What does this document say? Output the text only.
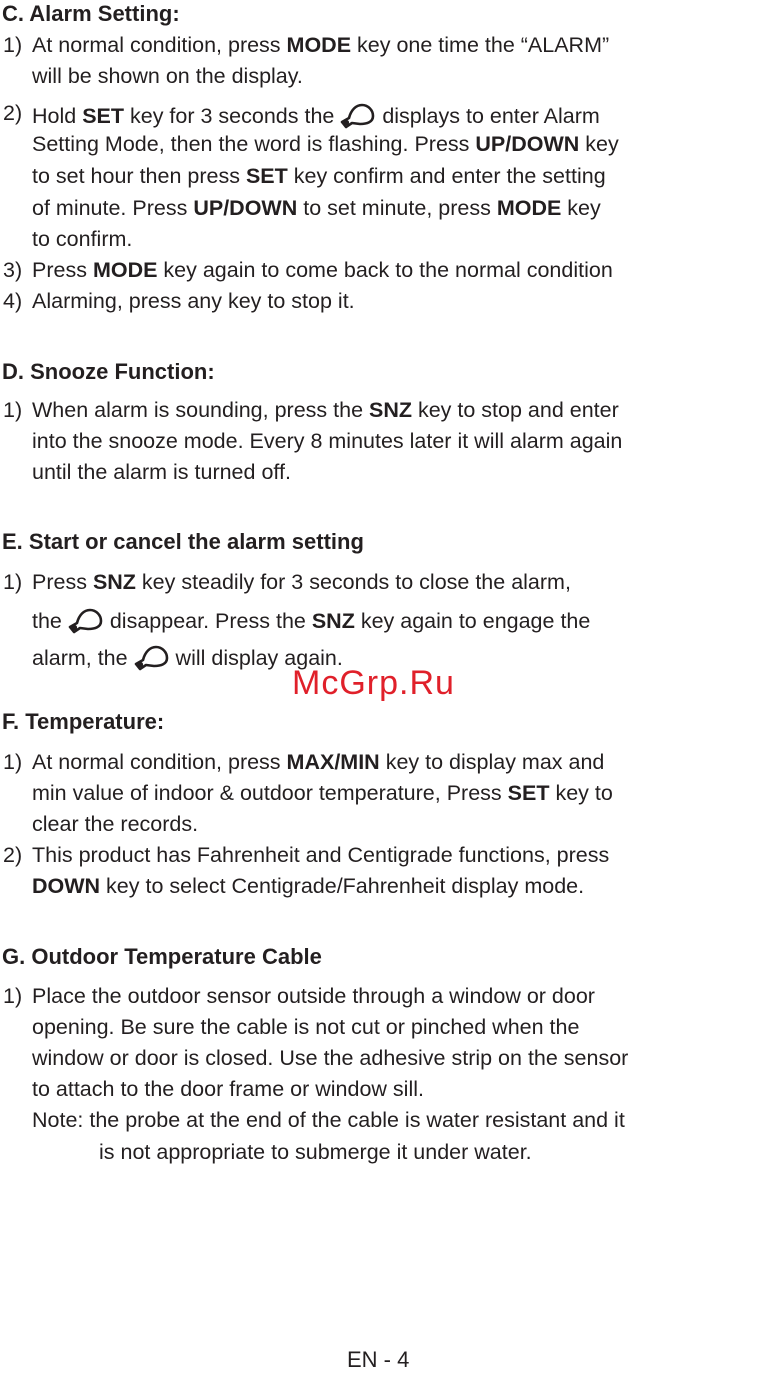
C. Alarm Setting:
1) At normal condition, press MODE key one time the “ALARM”
will be shown on the display.
2) Hold SET key for 3 seconds the
displays to enter Alarm
Setting Mode, then the word is flashing. Press UP/DOWN key
to set hour then press SET key confirm and enter the setting
of minute. Press UP/DOWN to set minute, press MODE key
to confirm.
3) Press MODE key again to come back to the normal condition
4) Alarming, press any key to stop it.
D. Snooze Function:
1) When alarm is sounding, press the SNZ key to stop and enter
into the snooze mode. Every 8 minutes later it will alarm again
until the alarm is turned off.
E. Start or cancel the alarm setting
1) Press SNZ key steadily for 3 seconds to close the alarm,
the
disappear. Press the SNZ key again to engage the
alarm, the
will display again.
F. Temperature:
1) At normal condition, press MAX/MIN key to display max and
min value of indoor & outdoor temperature, Press SET key to
clear the records.
2) This product has Fahrenheit and Centigrade functions, press
DOWN key to select Centigrade/Fahrenheit display mode.
G. Outdoor Temperature Cable
1) Place the outdoor sensor outside through a window or door
opening. Be sure the cable is not cut or pinched when the
window or door is closed. Use the adhesive strip on the sensor
to attach to the door frame or window sill.
Note: the probe at the end of the cable is water resistant and it
is not appropriate to submerge it under water.
McGrp.Ru
EN - 4
